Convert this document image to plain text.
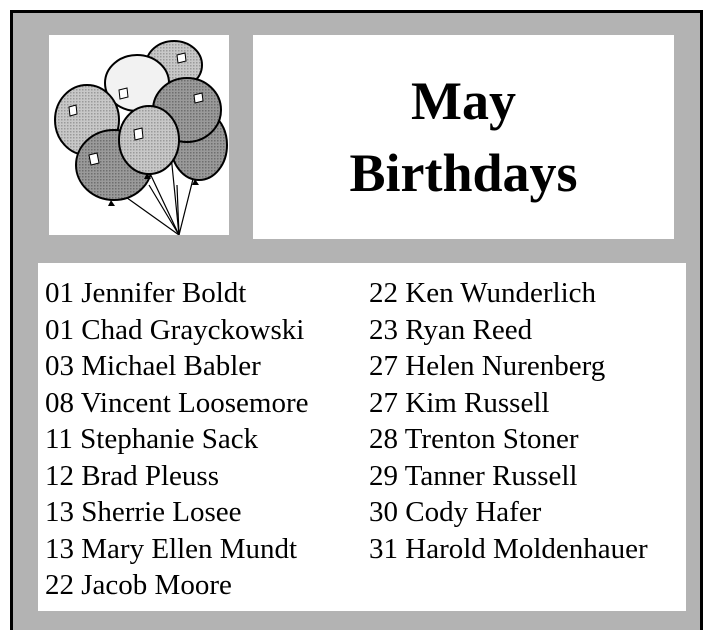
May
Birthdays
01 Jennifer Boldt
01 Chad Grayckowski
03 Michael Babler
08 Vincent Loosemore
11 Stephanie Sack
12 Brad Pleuss
13 Sherrie Losee
13 Mary Ellen Mundt
22 Jacob Moore
22 Ken Wunderlich
23 Ryan Reed
27 Helen Nurenberg
27 Kim Russell
28 Trenton Stoner
29 Tanner Russell
30 Cody Hafer
31 Harold Moldenhauer
